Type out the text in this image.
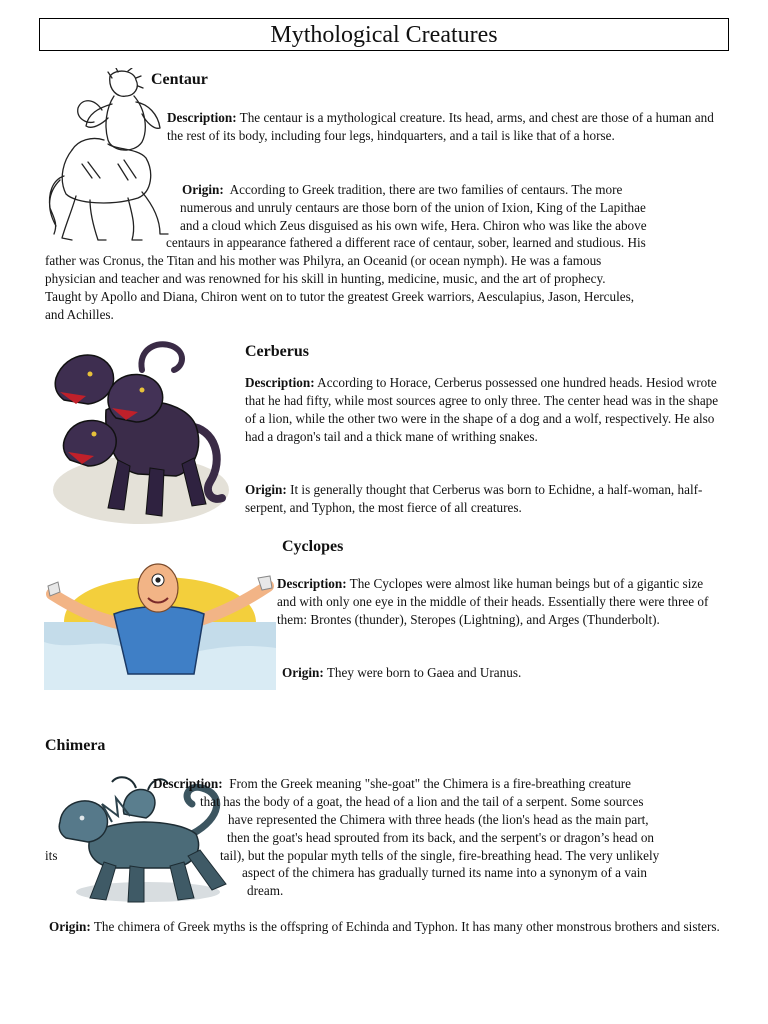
Mythological Creatures
Centaur
Description: The centaur is a mythological creature. Its head, arms, and chest are those of a human and the rest of its body, including four legs, hindquarters, and a tail is like that of a horse.
Origin: According to Greek tradition, there are two families of centaurs. The more
numerous and unruly centaurs are those born of the union of Ixion, King of the Lapithae
and a cloud which Zeus disguised as his own wife, Hera. Chiron who was like the above
centaurs in appearance fathered a different race of centaur, sober, learned and studious. His
father was Cronus, the Titan and his mother was Philyra, an Oceanid (or ocean nymph). He was a famous
physician and teacher and was renowned for his skill in hunting, medicine, music, and the art of prophecy.
Taught by Apollo and Diana, Chiron went on to tutor the greatest Greek warriors, Aesculapius, Jason, Hercules,
and Achilles.
Cerberus
Description: According to Horace, Cerberus possessed one hundred heads. Hesiod wrote that he had fifty, while most sources agree to only three. The center head was in the shape of a lion, while the other two were in the shape of a dog and a wolf, respectively. He also had a dragon's tail and a thick mane of writhing snakes.
Origin: It is generally thought that Cerberus was born to Echidne, a half-woman, half-serpent, and Typhon, the most fierce of all creatures.
Cyclopes
Description: The Cyclopes were almost like human beings but of a gigantic size and with only one eye in the middle of their heads. Essentially there were three of them: Brontes (thunder), Steropes (Lightning), and Arges (Thunderbolt).
Origin: They were born to Gaea and Uranus.
Chimera
Description: From the Greek meaning "she-goat" the Chimera is a fire-breathing creature
that has the body of a goat, the head of a lion and the tail of a serpent. Some sources
have represented the Chimera with three heads (the lion's head as the main part,
then the goat's head sprouted from its back, and the serpent's or dragon’s head on
its	tail), but the popular myth tells of the single, fire-breathing head. The very unlikely
aspect of the chimera has gradually turned its name into a synonym of a vain
dream.
Origin: The chimera of Greek myths is the offspring of Echinda and Typhon. It has many other monstrous brothers and sisters.
